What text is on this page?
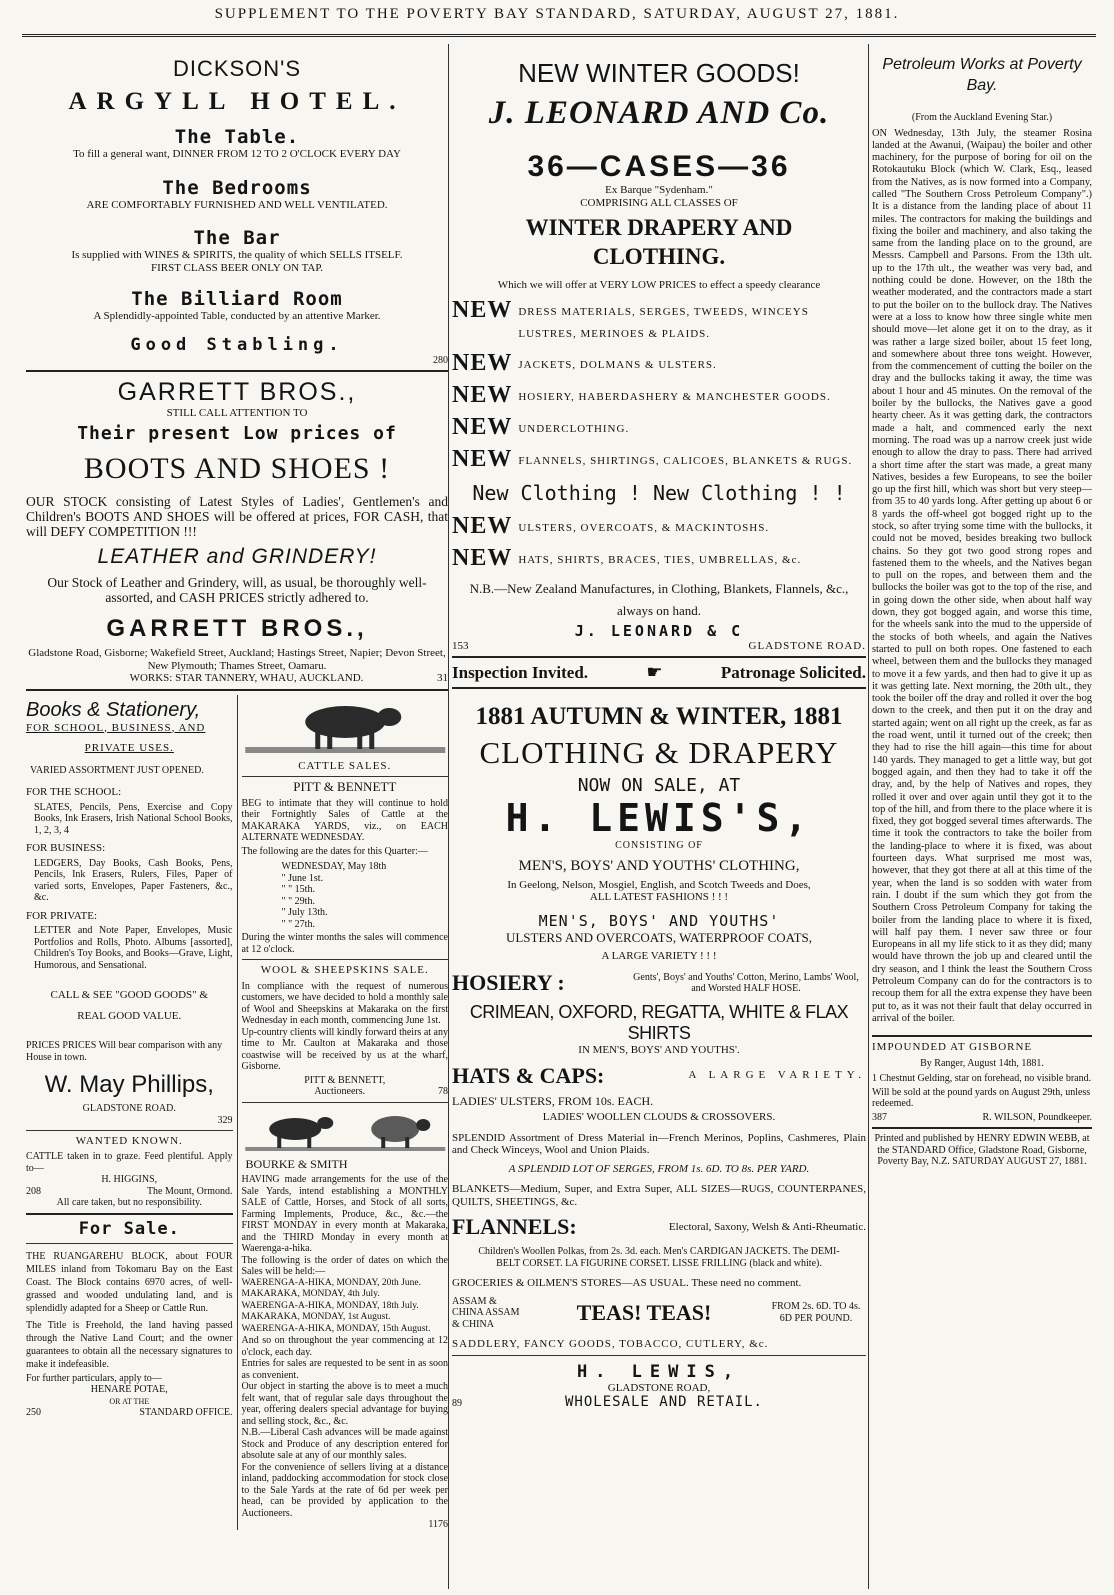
SUPPLEMENT TO THE POVERTY BAY STANDARD, SATURDAY, AUGUST 27, 1881.
DICKSON'S
ARGYLL HOTEL.
The Table.
To fill a general want, DINNER FROM 12 TO 2 O'CLOCK EVERY DAY
The Bedrooms
ARE COMFORTABLY FURNISHED AND WELL VENTILATED.
The Bar
Is supplied with WINES & SPIRITS, the quality of which SELLS ITSELF.
FIRST CLASS BEER ONLY ON TAP.
The Billiard Room
A Splendidly-appointed Table, conducted by an attentive Marker.
Good Stabling.
280
GARRETT BROS.,
STILL CALL ATTENTION TO
Their present Low prices of
BOOTS AND SHOES !
OUR STOCK consisting of Latest Styles of Ladies', Gentlemen's and Children's BOOTS AND SHOES will be offered at prices, FOR CASH, that will DEFY COMPETITION !!!
LEATHER and GRINDERY!
Our Stock of Leather and Grindery, will, as usual, be thoroughly well-assorted, and CASH PRICES strictly adhered to.
GARRETT BROS.,
Gladstone Road, Gisborne; Wakefield Street, Auckland; Hastings Street, Napier; Devon Street, New Plymouth; Thames Street, Oamaru.
WORKS: STAR TANNERY, WHAU, AUCKLAND.	31
Books & Stationery,
FOR SCHOOL, BUSINESS, AND
PRIVATE USES.
VARIED ASSORTMENT JUST OPENED.
FOR THE SCHOOL:
SLATES, Pencils, Pens, Exercise and Copy Books, Ink Erasers, Irish National School Books, 1, 2, 3, 4
FOR BUSINESS:
LEDGERS, Day Books, Cash Books, Pens, Pencils, Ink Erasers, Rulers, Files, Paper of varied sorts, Envelopes, Paper Fasteners, &c., &c.
FOR PRIVATE:
LETTER and Note Paper, Envelopes, Music Portfolios and Rolls, Photo. Albums [assorted], Children's Toy Books, and Books—Grave, Light, Humorous, and Sensational.
CALL & SEE "GOOD GOODS" &
REAL GOOD VALUE.
PRICES PRICES Will bear comparison with any House in town.
W. May Phillips,
GLADSTONE ROAD.
329
WANTED KNOWN.
CATTLE taken in to graze. Feed plentiful. Apply to—
H. HIGGINS,
208	The Mount, Ormond.
All care taken, but no responsibility.
For Sale.
THE RUANGAREHU BLOCK, about FOUR MILES inland from Tokomaru Bay on the East Coast. The Block contains 6970 acres, of well-grassed and wooded undulating land, and is splendidly adapted for a Sheep or Cattle Run.
The Title is Freehold, the land having passed through the Native Land Court; and the owner guarantees to obtain all the necessary signatures to make it indefeasible.
For further particulars, apply to—
HENARE POTAE,
OR AT THE
250	STANDARD OFFICE.
CATTLE SALES.
PITT & BENNETT
BEG to intimate that they will continue to hold their Fortnightly Sales of Cattle at the MAKARAKA YARDS, viz., on EACH ALTERNATE WEDNESDAY.
The following are the dates for this Quarter:—
WEDNESDAY, May 18th
" June 1st.
" " 15th.
" " 29th.
" July 13th.
" " 27th.
During the winter months the sales will commence at 12 o'clock.
WOOL & SHEEPSKINS SALE.
In compliance with the request of numerous customers, we have decided to hold a monthly sale of Wool and Sheepskins at Makaraka on the first Wednesday in each month, commencing June 1st.
Up-country clients will kindly forward theirs at any time to Mr. Caulton at Makaraka and those coastwise will be received by us at the wharf, Gisborne.
PITT & BENNETT,
Auctioneers.	78
BOURKE & SMITH
HAVING made arrangements for the use of the Sale Yards, intend establishing a MONTHLY SALE of Cattle, Horses, and Stock of all sorts, Farming Implements, Produce, &c., &c.—the FIRST MONDAY in every month at Makaraka, and the THIRD Monday in every month at Waerenga-a-hika.
The following is the order of dates on which the Sales will be held:—
WAERENGA-A-HIKA, MONDAY, 20th June.
MAKARAKA, MONDAY, 4th July.
WAERENGA-A-HIKA, MONDAY, 18th July.
MAKARAKA, MONDAY, 1st August.
WAERENGA-A-HIKA, MONDAY, 15th August.
And so on throughout the year commencing at 12 o'clock, each day.
Entries for sales are requested to be sent in as soon as convenient.
Our object in starting the above is to meet a much felt want, that of regular sale days throughout the year, offering dealers special advantage for buying and selling stock, &c., &c.
N.B.—Liberal Cash advances will be made against Stock and Produce of any description entered for absolute sale at any of our monthly sales.
For the convenience of sellers living at a distance inland, paddocking accommodation for stock close to the Sale Yards at the rate of 6d per week per head, can be provided by application to the Auctioneers.
1176
NEW WINTER GOODS!
J. LEONARD AND Co.
36—CASES—36
Ex Barque "Sydenham."
COMPRISING ALL CLASSES OF
WINTER DRAPERY AND CLOTHING.
Which we will offer at VERY LOW PRICES to effect a speedy clearance
NEW DRESS MATERIALS, SERGES, TWEEDS, WINCEYS LUSTRES, MERINOES & PLAIDS.
NEW JACKETS, DOLMANS & ULSTERS.
NEW HOSIERY, HABERDASHERY & MANCHESTER GOODS.
NEW UNDERCLOTHING.
NEW FLANNELS, SHIRTINGS, CALICOES, BLANKETS & RUGS.
New Clothing ! New Clothing ! !
NEW ULSTERS, OVERCOATS, & MACKINTOSHS.
NEW HATS, SHIRTS, BRACES, TIES, UMBRELLAS, &c.
N.B.—New Zealand Manufactures, in Clothing, Blankets, Flannels, &c., always on hand.
J. LEONARD & C
153	GLADSTONE ROAD.
Inspection Invited.	☛	Patronage Solicited.
1881 AUTUMN & WINTER, 1881
CLOTHING & DRAPERY
NOW ON SALE, AT
H. LEWIS'S,
CONSISTING OF
MEN'S, BOYS' AND YOUTHS' CLOTHING,
In Geelong, Nelson, Mosgiel, English, and Scotch Tweeds and Does,
ALL LATEST FASHIONS ! ! !
MEN'S, BOYS' AND YOUTHS'
ULSTERS AND OVERCOATS, WATERPROOF COATS,
A LARGE VARIETY ! ! !
HOSIERY :	Gents', Boys' and Youths' Cotton, Merino, Lambs' Wool, and Worsted HALF HOSE.
CRIMEAN, OXFORD, REGATTA, WHITE & FLAX SHIRTS
IN MEN'S, BOYS' AND YOUTHS'.
HATS & CAPS:	A LARGE VARIETY.
LADIES' ULSTERS, FROM 10s. EACH.
LADIES' WOOLLEN CLOUDS & CROSSOVERS.
SPLENDID Assortment of Dress Material in—French Merinos, Poplins, Cashmeres, Plain and Check Winceys, Wool and Union Plaids.
A SPLENDID LOT OF SERGES, FROM 1s. 6D. TO 8s. PER YARD.
BLANKETS—Medium, Super, and Extra Super, ALL SIZES—RUGS, COUNTERPANES, QUILTS, SHEETINGS, &c.
FLANNELS:	Electoral, Saxony, Welsh & Anti-Rheumatic.
Children's Woollen Polkas, from 2s. 3d. each. Men's CARDIGAN JACKETS. The DEMI-BELT CORSET. LA FIGURINE CORSET. LISSE FRILLING (black and white).
GROCERIES & OILMEN'S STORES—AS USUAL. These need no comment.
ASSAM & CHINA ASSAM & CHINA	TEAS! TEAS!	FROM 2s. 6D. TO 4s. 6D PER POUND.
SADDLERY, FANCY GOODS, TOBACCO, CUTLERY, &c.
H. LEWIS,
GLADSTONE ROAD,
89	WHOLESALE AND RETAIL.
Petroleum Works at Poverty Bay.
(From the Auckland Evening Star.)
ON Wednesday, 13th July, the steamer Rosina landed at the Awanui, (Waipau) the boiler and other machinery, for the purpose of boring for oil on the Rotokautuku Block (which W. Clark, Esq., leased from the Natives, as is now formed into a Company, called "The Southern Cross Petroleum Company".) It is a distance from the landing place of about 11 miles. The contractors for making the buildings and fixing the boiler and machinery, and also taking the same from the landing place on to the ground, are Messrs. Campbell and Parsons. From the 13th ult. up to the 17th ult., the weather was very bad, and nothing could be done. However, on the 18th the weather moderated, and the contractors made a start to put the boiler on to the bullock dray. The Natives were at a loss to know how three single white men should move—let alone get it on to the dray, as it was rather a large sized boiler, about 15 feet long, and somewhere about three tons weight. However, from the commencement of cutting the boiler on the dray and the bullocks taking it away, the time was about 1 hour and 45 minutes. On the removal of the boiler by the bullocks, the Natives gave a good hearty cheer. As it was getting dark, the contractors made a halt, and commenced early the next morning. The road was up a narrow creek just wide enough to allow the dray to pass. There had arrived a short time after the start was made, a great many Natives, besides a few Europeans, to see the boiler go up the first hill, which was short but very steep—from 35 to 40 yards long. After getting up about 6 or 8 yards the off-wheel got bogged right up to the stock, so after trying some time with the bullocks, it could not be moved, besides breaking two bullock chains. So they got two good strong ropes and fastened them to the wheels, and the Natives began to pull on the ropes, and between them and the bullocks the boiler was got to the top of the rise, and in going down the other side, when about half way down, they got bogged again, and worse this time, for the wheels sank into the mud to the upperside of the stocks of both wheels, and again the Natives started to pull on both ropes. One fastened to each wheel, between them and the bullocks they managed to move it a few yards, and then had to give it up as it was getting late. Next morning, the 20th ult., they took the boiler off the dray and rolled it over the bog down to the creek, and then put it on the dray and started again; went on all right up the creek, as far as the road went, until it turned out of the creek; then they had to rise the hill again—this time for about 140 yards. They managed to get a little way, but got bogged again, and then they had to take it off the dray, and, by the help of Natives and ropes, they rolled it over and over again until they got it to the top of the hill, and from there to the place where it is fixed, they got bogged several times afterwards. The time it took the contractors to take the boiler from the landing-place to where it is fixed, was about fourteen days. What surprised me most was, however, that they got there at all at this time of the year, when the land is so sodden with water from rain. I doubt if the sum which they got from the Southern Cross Petroleum Company for taking the boiler from the landing place to where it is fixed, will half pay them. I never saw three or four Europeans in all my life stick to it as they did; many would have thrown the job up and cleared until the dry season, and I think the least the Southern Cross Petroleum Company can do for the contractors is to recoup them for all the extra expense they have been put to, as it was not their fault that delay occurred in arrival of the boiler.
IMPOUNDED AT GISBORNE
By Ranger, August 14th, 1881.
1 Chestnut Gelding, star on forehead, no visible brand.
Will be sold at the pound yards on August 29th, unless redeemed.
387	R. WILSON, Poundkeeper.
Printed and published by HENRY EDWIN WEBB, at the STANDARD Office, Gladstone Road, Gisborne, Poverty Bay, N.Z. SATURDAY AUGUST 27, 1881.
